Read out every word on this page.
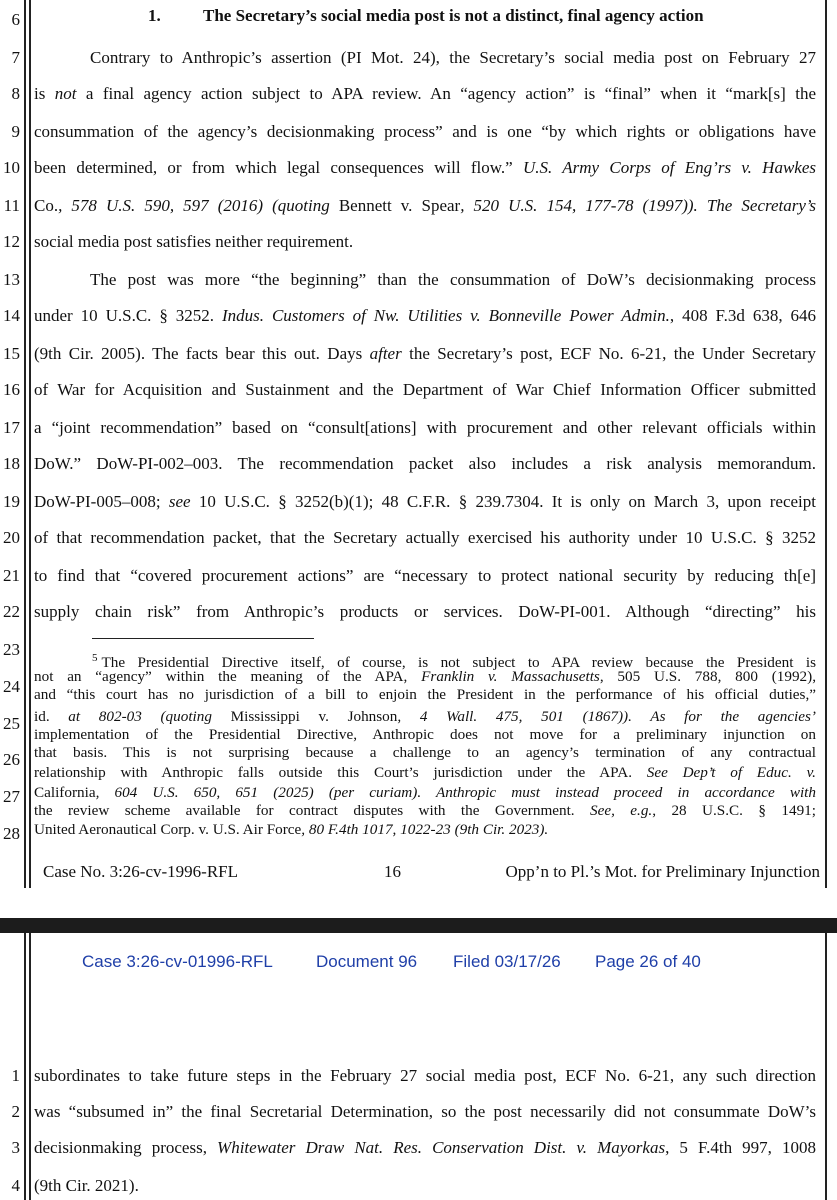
6
7
8
9
10
11
12
13
14
15
16
17
18
19
20
21
22
23
24
25
26
27
28
1. The Secretary’s social media post is not a distinct, final agency action
Contrary to Anthropic’s assertion (PI Mot. 24), the Secretary’s social media post on February 27
is not a final agency action subject to APA review. An “agency action” is “final” when it “mark[s] the
consummation of the agency’s decisionmaking process” and is one “by which rights or obligations have
been determined, or from which legal consequences will flow.” U.S. Army Corps of Eng’rs v. Hawkes
Co., 578 U.S. 590, 597 (2016) (quoting Bennett v. Spear, 520 U.S. 154, 177-78 (1997)). The Secretary’s
social media post satisfies neither requirement.
The post was more “the beginning” than the consummation of DoW’s decisionmaking process
under 10 U.S.C. § 3252. Indus. Customers of Nw. Utilities v. Bonneville Power Admin., 408 F.3d 638, 646
(9th Cir. 2005). The facts bear this out. Days after the Secretary’s post, ECF No. 6-21, the Under Secretary
of War for Acquisition and Sustainment and the Department of War Chief Information Officer submitted
a “joint recommendation” based on “consult[ations] with procurement and other relevant officials within
DoW.” DoW-PI-002–003. The recommendation packet also includes a risk analysis memorandum.
DoW-PI-005–008; see 10 U.S.C. § 3252(b)(1); 48 C.F.R. § 239.7304. It is only on March 3, upon receipt
of that recommendation packet, that the Secretary actually exercised his authority under 10 U.S.C. § 3252
to find that “covered procurement actions” are “necessary to protect national security by reducing th[e]
supply chain risk” from Anthropic’s products or services. DoW-PI-001. Although “directing” his
$^5$ The Presidential Directive itself, of course, is not subject to APA review because the President is
not an “agency” within the meaning of the APA, Franklin v. Massachusetts, 505 U.S. 788, 800 (1992),
and “this court has no jurisdiction of a bill to enjoin the President in the performance of his official duties,”
id. at 802-03 (quoting Mississippi v. Johnson, 4 Wall. 475, 501 (1867)). As for the agencies’
implementation of the Presidential Directive, Anthropic does not move for a preliminary injunction on
that basis. This is not surprising because a challenge to an agency’s termination of any contractual
relationship with Anthropic falls outside this Court’s jurisdiction under the APA. See Dep’t of Educ. v.
California, 604 U.S. 650, 651 (2025) (per curiam). Anthropic must instead proceed in accordance with
the review scheme available for contract disputes with the Government. See, e.g., 28 U.S.C. § 1491;
United Aeronautical Corp. v. U.S. Air Force, 80 F.4th 1017, 1022-23 (9th Cir. 2023).
Case No. 3:26-cv-1996-RFL	16	Opp’n to Pl.’s Mot. for Preliminary Injunction
Case 3:26-cv-01996-RFL	Document 96 Filed 03/17/26 Page 26 of 40
1
2
3
4
subordinates to take future steps in the February 27 social media post, ECF No. 6-21, any such direction
was “subsumed in” the final Secretarial Determination, so the post necessarily did not consummate DoW’s
decisionmaking process, Whitewater Draw Nat. Res. Conservation Dist. v. Mayorkas, 5 F.4th 997, 1008
(9th Cir. 2021).
